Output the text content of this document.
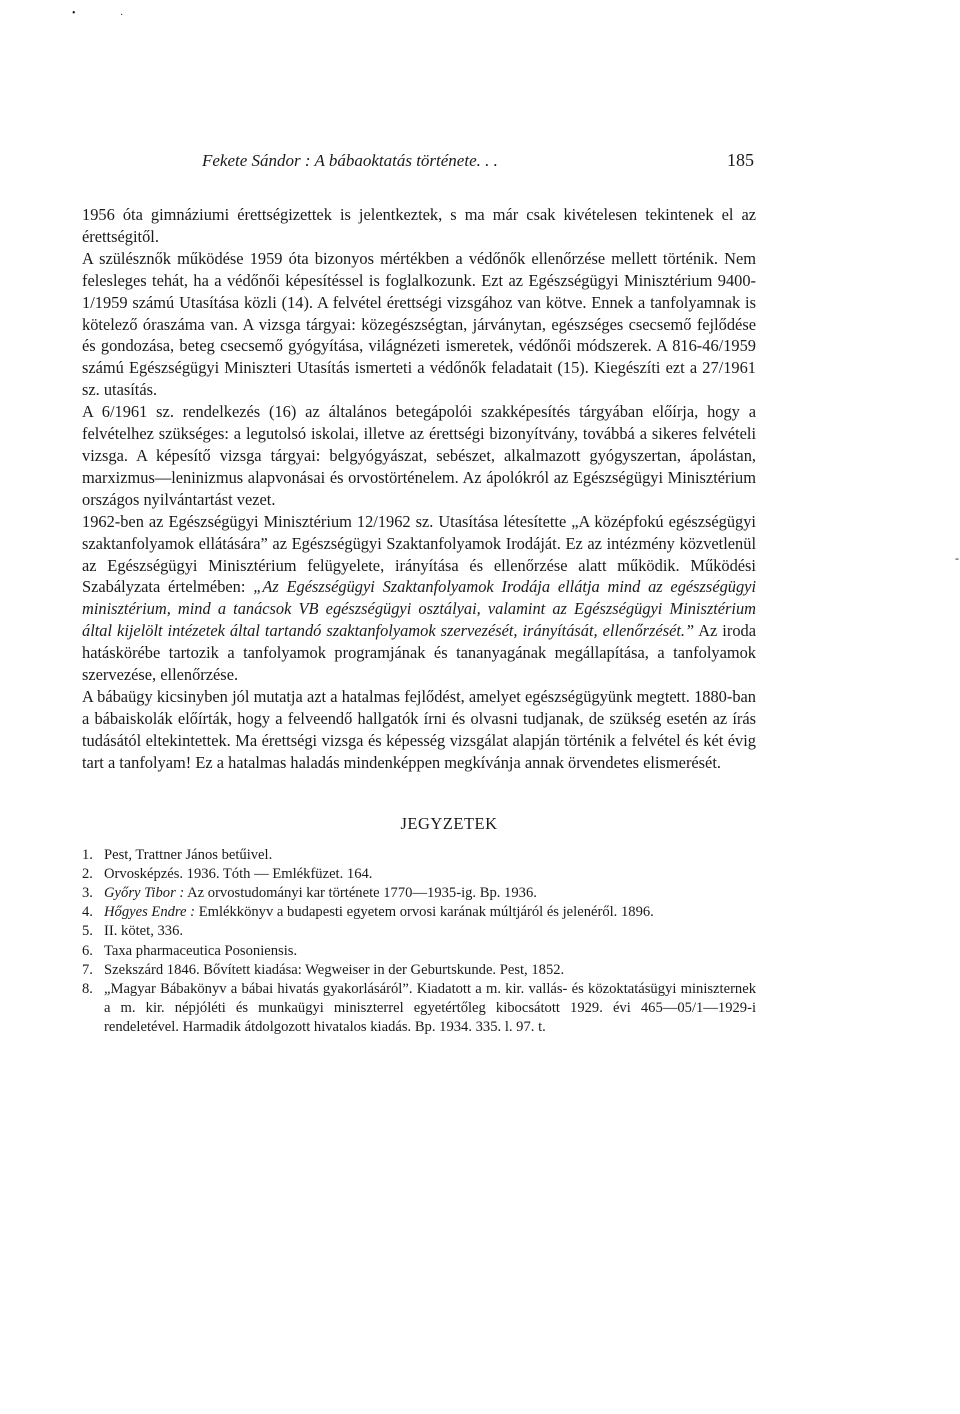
•	·
Fekete Sándor : A bábaoktatás története. . .	185

1956 óta gimnáziumi érettségizettek is jelentkeztek, s ma már csak kivételesen tekintenek el az érettségitől.

A szülésznők működése 1959 óta bizonyos mértékben a védőnők ellenőrzése mellett történik. Nem felesleges tehát, ha a védőnői képesítéssel is foglalkozunk. Ezt az Egészségügyi Minisztérium 9400-1/1959 számú Utasítása közli (14). A felvétel érettségi vizsgához van kötve. Ennek a tanfolyamnak is kötelező óraszáma van. A vizsga tárgyai: közegészségtan, járványtan, egészséges csecsemő fejlődése és gondozása, beteg csecsemő gyógyítása, világnézeti ismeretek, védőnői módszerek. A 816-46/1959 számú Egészségügyi Miniszteri Utasítás ismerteti a védőnők feladatait (15). Kiegészíti ezt a 27/1961 sz. utasítás.

A 6/1961 sz. rendelkezés (16) az általános betegápolói szakképesítés tárgyában előírja, hogy a felvételhez szükséges: a legutolsó iskolai, illetve az érettségi bizonyítvány, továbbá a sikeres felvételi vizsga. A képesítő vizsga tárgyai: belgyógyászat, sebészet, alkalmazott gyógyszertan, ápolástan, marxizmus—leninizmus alapvonásai és orvostörténelem. Az ápolókról az Egészségügyi Minisztérium országos nyilvántartást vezet.

1962-ben az Egészségügyi Minisztérium 12/1962 sz. Utasítása létesítette „A középfokú egészségügyi szaktanfolyamok ellátására” az Egészségügyi Szaktanfolyamok Irodáját. Ez az intézmény közvetlenül az Egészségügyi Minisztérium felügyelete, irányítása és ellenőrzése alatt működik. Működési Szabályzata értelmében: „Az Egészségügyi Szaktanfolyamok Irodája ellátja mind az egészségügyi minisztérium, mind a tanácsok VB egészségügyi osztályai, valamint az Egészségügyi Minisztérium által kijelölt intézetek által tartandó szaktanfolyamok szervezését, irányítását, ellenőrzését.” Az iroda hatáskörébe tartozik a tanfolyamok programjának és tananyagának megállapítása, a tanfolyamok szervezése, ellenőrzése.

A bábaügy kicsinyben jól mutatja azt a hatalmas fejlődést, amelyet egészségügyünk megtett. 1880-ban a bábaiskolák előírták, hogy a felveendő hallgatók írni és olvasni tudjanak, de szükség esetén az írás tudásától eltekintettek. Ma érettségi vizsga és képesség vizsgálat alapján történik a felvétel és két évig tart a tanfolyam! Ez a hatalmas haladás mindenképpen megkívánja annak örvendetes elismerését.

JEGYZETEK
1. Pest, Trattner János betűivel.
2. Orvosképzés. 1936. Tóth — Emlékfüzet. 164.
3. Győry Tibor : Az orvostudományi kar története 1770—1935-ig. Bp. 1936.
4. Hőgyes Endre : Emlékkönyv a budapesti egyetem orvosi karának múltjáról és jelenéről. 1896.
5. II. kötet, 336.
6. Taxa pharmaceutica Posoniensis.
7. Szekszárd 1846. Bővített kiadása: Wegweiser in der Geburtskunde. Pest, 1852.
8. „Magyar Bábakönyv a bábai hivatás gyakorlásáról”. Kiadatott a m. kir. vallás- és közoktatásügyi miniszternek a m. kir. népjóléti és munkaügyi miniszterrel egyetértőleg kibocsátott 1929. évi 465—05/1—1929-i rendeletével. Harmadik átdolgozott hivatalos kiadás. Bp. 1934. 335. l. 97. t.
-
